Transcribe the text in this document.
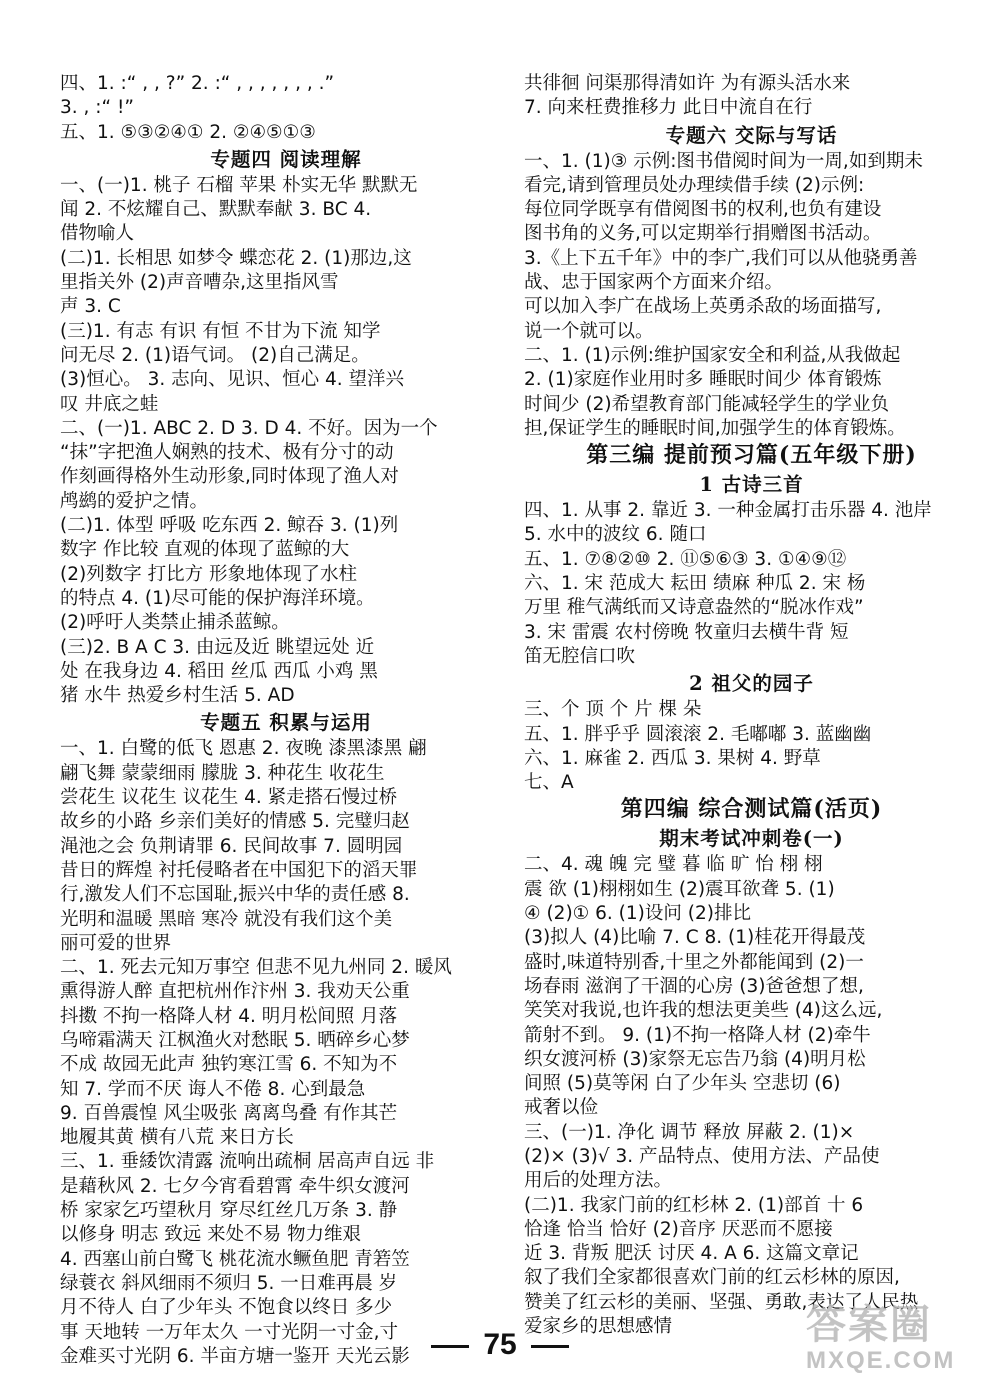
四、1. :“ , , ?” 2. :“ , , , , , , , .”
3. , :“ !”
五、1. ⑤③②④① 2. ②④⑤①③
专题四 阅读理解
一、(一)1. 桃子 石榴 苹果 朴实无华 默默无
闻 2. 不炫耀自己、默默奉献 3. BC 4.
借物喻人
(二)1. 长相思 如梦令 蝶恋花 2. (1)那边,这
里指关外 (2)声音嘈杂,这里指风雪
声 3. C
(三)1. 有志 有识 有恒 不甘为下流 知学
问无尽 2. (1)语气词。 (2)自己满足。
(3)恒心。 3. 志向、见识、恒心 4. 望洋兴
叹 井底之蛙
二、(一)1. ABC 2. D 3. D 4. 不好。因为一个
“抹”字把渔人娴熟的技术、极有分寸的动
作刻画得格外生动形象,同时体现了渔人对
鸬鹚的爱护之情。
(二)1. 体型 呼吸 吃东西 2. 鲸吞 3. (1)列
数字 作比较 直观的体现了蓝鲸的大
(2)列数字 打比方 形象地体现了水柱
的特点 4. (1)尽可能的保护海洋环境。
(2)呼吁人类禁止捕杀蓝鲸。
(三)2. B A C 3. 由远及近 眺望远处 近
处 在我身边 4. 稻田 丝瓜 西瓜 小鸡 黑
猪 水牛 热爱乡村生活 5. AD
专题五 积累与运用
一、1. 白鹭的低飞 恩惠 2. 夜晚 漆黑漆黑 翩
翩飞舞 蒙蒙细雨 朦胧 3. 种花生 收花生
尝花生 议花生 议花生 4. 紧走搭石慢过桥
故乡的小路 乡亲们美好的情感 5. 完璧归赵
渑池之会 负荆请罪 6. 民间故事 7. 圆明园
昔日的辉煌 衬托侵略者在中国犯下的滔天罪
行,激发人们不忘国耻,振兴中华的责任感 8.
光明和温暖 黑暗 寒冷 就没有我们这个美
丽可爱的世界
二、1. 死去元知万事空 但悲不见九州同 2. 暖风
熏得游人醉 直把杭州作汴州 3. 我劝天公重
抖擞 不拘一格降人材 4. 明月松间照 月落
乌啼霜满天 江枫渔火对愁眠 5. 晒碎乡心梦
不成 故园无此声 独钓寒江雪 6. 不知为不
知 7. 学而不厌 诲人不倦 8. 心到最急
9. 百兽震惶 风尘吸张 离离鸟叠 有作其芒
地履其黄 横有八荒 来日方长
三、1. 垂緌饮清露 流响出疏桐 居高声自远 非
是藉秋风 2. 七夕今宵看碧霄 牵牛织女渡河
桥 家家乞巧望秋月 穿尽红丝几万条 3. 静
以修身 明志 致远 来处不易 物力维艰
4. 西塞山前白鹭飞 桃花流水鳜鱼肥 青箬笠
绿蓑衣 斜风细雨不须归 5. 一日难再晨 岁
月不待人 白了少年头 不饱食以终日 多少
事 天地转 一万年太久 一寸光阴一寸金,寸
金难买寸光阴 6. 半亩方塘一鉴开 天光云影
共徘徊 问渠那得清如许 为有源头活水来
7. 向来枉费推移力 此日中流自在行
专题六 交际与写话
一、1. (1)③ 示例:图书借阅时间为一周,如到期未
看完,请到管理员处办理续借手续 (2)示例:
每位同学既享有借阅图书的权利,也负有建设
图书角的义务,可以定期举行捐赠图书活动。
3.《上下五千年》中的李广,我们可以从他骁勇善
战、忠于国家两个方面来介绍。
可以加入李广在战场上英勇杀敌的场面描写,
说一个就可以。
二、1. (1)示例:维护国家安全和利益,从我做起
2. (1)家庭作业用时多 睡眠时间少 体育锻炼
时间少 (2)希望教育部门能减轻学生的学业负
担,保证学生的睡眠时间,加强学生的体育锻炼。
第三编 提前预习篇(五年级下册)
1 古诗三首
四、1. 从事 2. 靠近 3. 一种金属打击乐器 4. 池岸
5. 水中的波纹 6. 随口
五、1. ⑦⑧②⑩ 2. ⑪⑤⑥③ 3. ①④⑨⑫
六、1. 宋 范成大 耘田 绩麻 种瓜 2. 宋 杨
万里 稚气满纸而又诗意盎然的“脱冰作戏”
3. 宋 雷震 农村傍晚 牧童归去横牛背 短
笛无腔信口吹
2 祖父的园子
三、个 顶 个 片 棵 朵
五、1. 胖乎乎 圆滚滚 2. 毛嘟嘟 3. 蓝幽幽
六、1. 麻雀 2. 西瓜 3. 果树 4. 野草
七、A
第四编 综合测试篇(活页)
期末考试冲刺卷(一)
二、4. 魂 魄 完 璧 暮 临 旷 怡 栩 栩
震 欲 (1)栩栩如生 (2)震耳欲聋 5. (1)
④ (2)① 6. (1)设问 (2)排比
(3)拟人 (4)比喻 7. C 8. (1)桂花开得最茂
盛时,味道特别香,十里之外都能闻到 (2)一
场春雨 滋润了干涸的心房 (3)爸爸想了想,
笑笑对我说,也许我的想法更美些 (4)这么远,
箭射不到。 9. (1)不拘一格降人材 (2)牵牛
织女渡河桥 (3)家祭无忘告乃翁 (4)明月松
间照 (5)莫等闲 白了少年头 空悲切 (6)
戒奢以俭
三、(一)1. 净化 调节 释放 屏蔽 2. (1)×
(2)× (3)√ 3. 产品特点、使用方法、产品使
用后的处理方法。
(二)1. 我家门前的红杉林 2. (1)部首 十 6
恰逢 恰当 恰好 (2)音序 厌恶而不愿接
近 3. 背叛 肥沃 讨厌 4. A 6. 这篇文章记
叙了我们全家都很喜欢门前的红云杉林的原因,
赞美了红云杉的美丽、坚强、勇敢,表达了人民热
爱家乡的思想感情
75	答案圈
MXQE.COM
